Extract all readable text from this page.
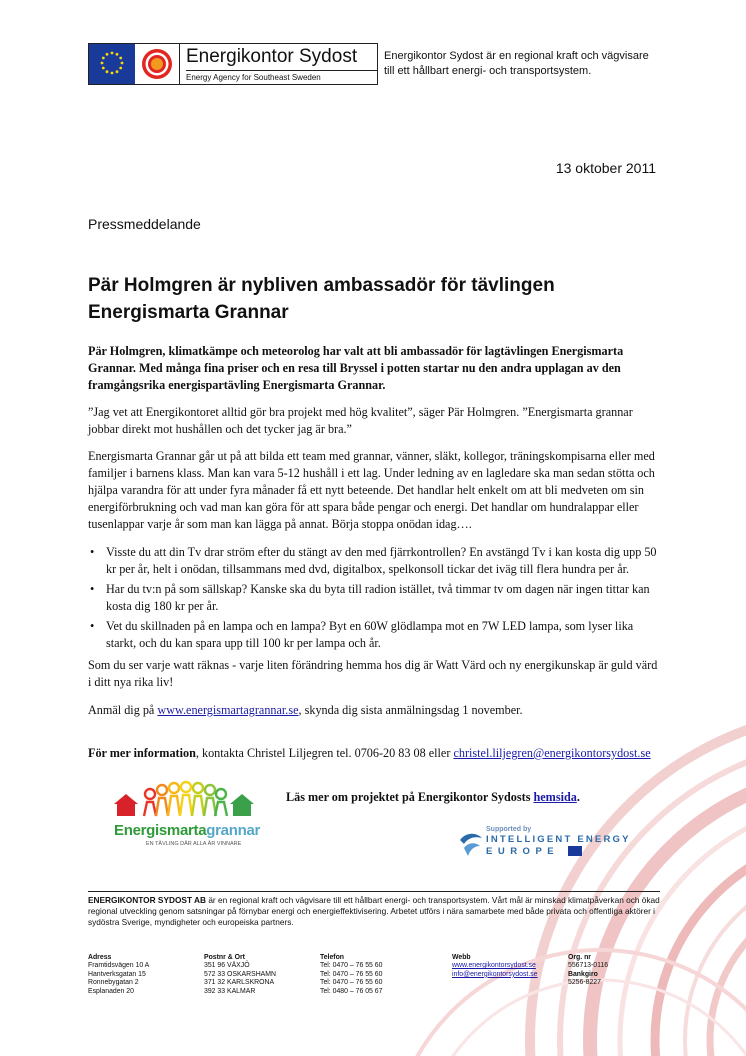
Energikontor Sydost
Energy Agency for Southeast Sweden
Energikontor Sydost är en regional kraft och vägvisare
till ett hållbart energi- och transportsystem.
13 oktober 2011
Pressmeddelande
Pär Holmgren är nybliven ambassadör för tävlingen
Energismarta Grannar

Pär Holmgren, klimatkämpe och meteorolog har valt att bli ambassadör för lagtävlingen Energismarta Grannar. Med många fina priser och en resa till Bryssel i potten startar nu den andra upplagan av den framgångsrika energispartävling Energismarta Grannar.

”Jag vet att Energikontoret alltid gör bra projekt med hög kvalitet”, säger Pär Holmgren. ”Energismarta grannar jobbar direkt mot hushållen och det tycker jag är bra.”

Energismarta Grannar går ut på att bilda ett team med grannar, vänner, släkt, kollegor, träningskompisarna eller med familjer i barnens klass. Man kan vara 5-12 hushåll i ett lag. Under ledning av en lagledare ska man sedan stötta och hjälpa varandra för att under fyra månader få ett nytt beteende. Det handlar helt enkelt om att bli medveten om sin energiförbrukning och vad man kan göra för att spara både pengar och energi. Det handlar om hundralappar eller tusenlappar varje år som man kan lägga på annat. Börja stoppa onödan idag….

• Visste du att din Tv drar ström efter du stängt av den med fjärrkontrollen? En avstängd Tv i kan kosta dig upp 50 kr per år, helt i onödan, tillsammans med dvd, digitalbox, spelkonsoll tickar det iväg till flera hundra per år.
• Har du tv:n på som sällskap? Kanske ska du byta till radion istället, två timmar tv om dagen när ingen tittar kan kosta dig 180 kr per år.
• Vet du skillnaden på en lampa och en lampa? Byt en 60W glödlampa mot en 7W LED lampa, som lyser lika starkt, och du kan spara upp till 100 kr per lampa och år.

Som du ser varje watt räknas - varje liten förändring hemma hos dig är Watt Värd och ny energikunskap är guld värd i ditt nya rika liv!

Anmäl dig på www.energismartagrannar.se, skynda dig sista anmälningsdag 1 november.

För mer information, kontakta Christel Liljegren tel. 0706-20 83 08 eller christel.liljegren@energikontorsydost.se

Energismartagrannar
EN TÄVLING DÄR ALLA ÄR VINNARE
Läs mer om projektet på Energikontor Sydosts hemsida.
Supported by
INTELLIGENT ENERGY
EUROPE

ENERGIKONTOR SYDOST AB är en regional kraft och vägvisare till ett hållbart energi- och transportsystem. Vårt mål är minskad klimatpåverkan och ökad regional utveckling genom satsningar på förnybar energi och energieffektivisering. Arbetet utförs i nära samarbete med både privata och offentliga aktörer i sydöstra Sverige, myndigheter och europeiska partners.

Adress
Framtidsvägen 10 A
Hantverksgatan 15
Ronnebygatan 2
Esplanaden 20
Postnr & Ort
351 96 VÄXJÖ
572 33 OSKARSHAMN
371 32 KARLSKRONA
392 33 KALMAR
Telefon
Tel: 0470 – 76 55 60
Tel: 0470 – 76 55 60
Tel: 0470 – 76 55 60
Tel: 0480 – 76 05 67
Webb
www.energikontorsydost.se
info@energikontorsydost.se
Org. nr
556713-0116
Bankgiro
5256-8227
